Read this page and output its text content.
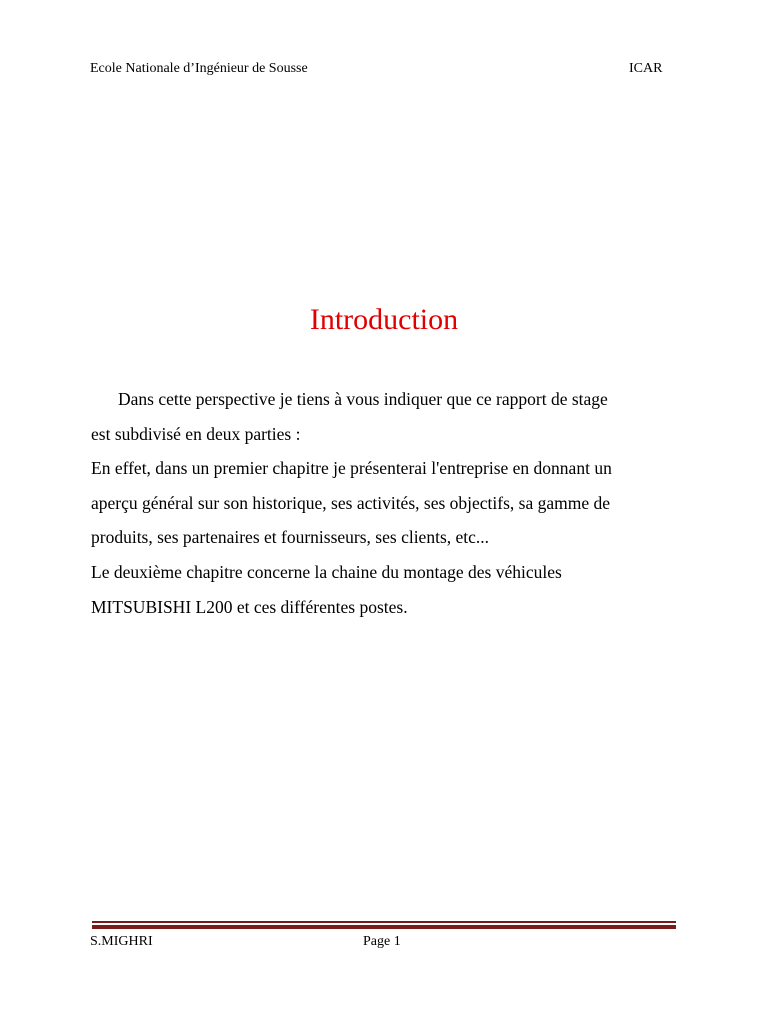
Ecole Nationale d’Ingénieur de Sousse	ICAR
Introduction
Dans cette perspective je tiens à vous indiquer que ce rapport de stage
est subdivisé en deux parties :
En effet, dans un premier chapitre je présenterai l'entreprise en donnant un
aperçu général sur son historique, ses activités, ses objectifs, sa gamme de
produits, ses partenaires et fournisseurs, ses clients, etc...
Le deuxième chapitre concerne la chaine du montage des véhicules
MITSUBISHI L200 et ces différentes postes.
S.MIGHRI	Page 1
